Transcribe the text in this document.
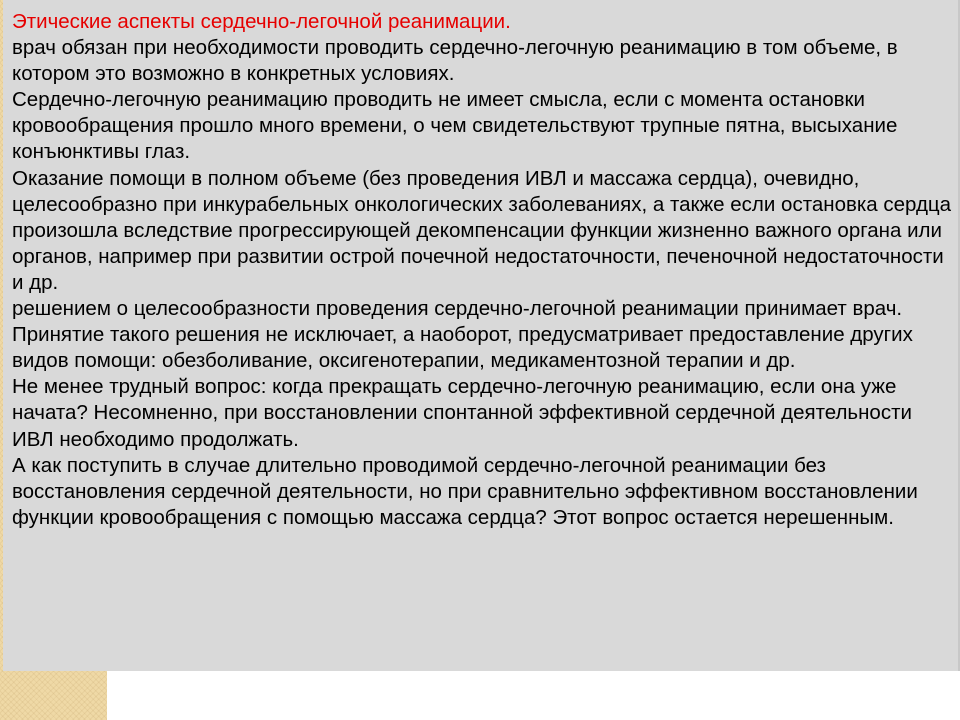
Этические аспекты сердечно-легочной реанимации.

врач обязан при необходимости проводить сердечно-легочную реанимацию в том объеме, в котором это возможно в конкретных условиях.

Сердечно-легочную реанимацию проводить не имеет смысла, если с момента остановки кровообращения прошло много времени, о чем свидетельствуют трупные пятна, высыхание конъюнктивы глаз.

Оказание помощи в полном объеме (без проведения ИВЛ и массажа сердца), очевидно, целесообразно при инкурабельных онкологических заболеваниях, а также если остановка сердца произошла вследствие прогрессирующей декомпенсации функции жизненно важного органа или органов, например при развитии острой почечной недостаточности, печеночной недостаточности и др.

решением о целесообразности проведения сердечно-легочной реанимации принимает врач.

Принятие такого решения не исключает, а наоборот, предусматривает предоставление других видов помощи: обезболивание, оксигенотерапии, медикаментозной терапии и др.

Не менее трудный вопрос: когда прекращать сердечно-легочную реанимацию, если она уже начата? Несомненно, при восстановлении спонтанной эффективной сердечной деятельности ИВЛ необходимо продолжать.

А как поступить в случае длительно проводимой сердечно-легочной реанимации без восстановления сердечной деятельности, но при сравнительно эффективном восстановлении функции кровообращения с помощью массажа сердца? Этот вопрос остается нерешенным.
